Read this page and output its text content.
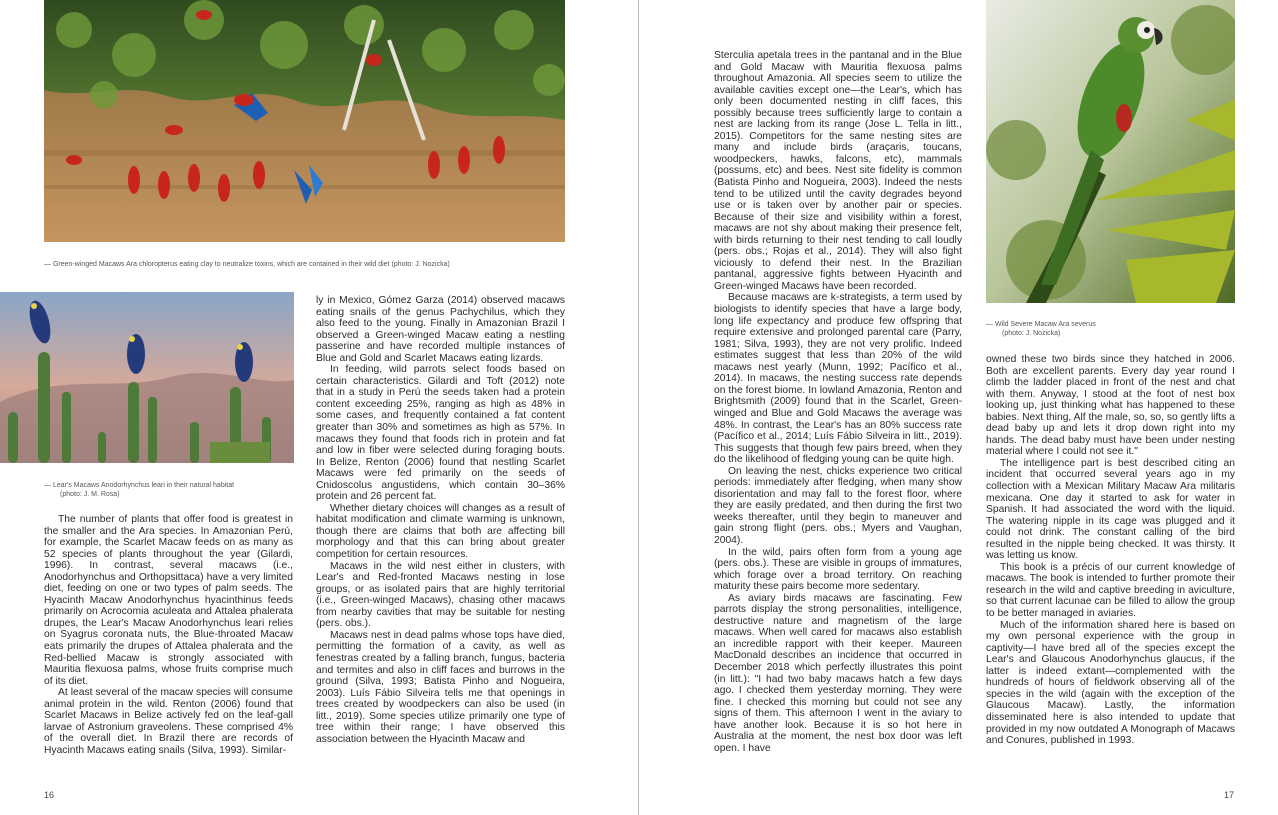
— Green-winged Macaws Ara chloropterus eating clay to neutralize toxins, which are contained in their wild diet (photo: J. Nozicka)
— Lear's Macaws Anodorhynchus leari in their natural habitat
(photo: J. M. Rosa)

The number of plants that offer food is greatest in the smaller and the Ara species. In Amazonian Perú, for example, the Scarlet Macaw feeds on as many as 52 species of plants throughout the year (Gilardi, 1996). In contrast, several macaws (i.e., Anodorhynchus and Orthopsittaca) have a very limited diet, feeding on one or two types of palm seeds. The Hyacinth Macaw Anodorhynchus hyacinthinus feeds primarily on Acrocomia aculeata and Attalea phalerata drupes, the Lear's Macaw Anodorhynchus leari relies on Syagrus coronata nuts, the Blue-throated Macaw eats primarily the drupes of Attalea phalerata and the Red-bellied Macaw is strongly associated with Mauritia flexuosa palms, whose fruits comprise much of its diet.

At least several of the macaw species will consume animal protein in the wild. Renton (2006) found that Scarlet Macaws in Belize actively fed on the leaf-gall larvae of Astronium graveolens. These comprised 4% of the overall diet. In Brazil there are records of Hyacinth Macaws eating snails (Silva, 1993). Similar-

ly in Mexico, Gómez Garza (2014) observed macaws eating snails of the genus Pachychilus, which they also feed to the young. Finally in Amazonian Brazil I observed a Green-winged Macaw eating a nestling passerine and have recorded multiple instances of Blue and Gold and Scarlet Macaws eating lizards.

In feeding, wild parrots select foods based on certain characteristics. Gilardi and Toft (2012) note that in a study in Perú the seeds taken had a protein content exceeding 25%, ranging as high as 48% in some cases, and frequently contained a fat content greater than 30% and sometimes as high as 57%. In macaws they found that foods rich in protein and fat and low in fiber were selected during foraging bouts. In Belize, Renton (2006) found that nestling Scarlet Macaws were fed primarily on the seeds of Cnidoscolus angustidens, which contain 30–36% protein and 26 percent fat.

Whether dietary choices will changes as a result of habitat modification and climate warming is unknown, though there are claims that both are affecting bill morphology and that this can bring about greater competition for certain resources.

Macaws in the wild nest either in clusters, with Lear's and Red-fronted Macaws nesting in lose groups, or as isolated pairs that are highly territorial (i.e., Green-winged Macaws), chasing other macaws from nearby cavities that may be suitable for nesting (pers. obs.).

Macaws nest in dead palms whose tops have died, permitting the formation of a cavity, as well as fenestras created by a falling branch, fungus, bacteria and termites and also in cliff faces and burrows in the ground (Silva, 1993; Batista Pinho and Nogueira, 2003). Luís Fábio Silveira tells me that openings in trees created by woodpeckers can also be used (in litt., 2019). Some species utilize primarily one type of tree within their range; I have observed this association between the Hyacinth Macaw and

16

Sterculia apetala trees in the pantanal and in the Blue and Gold Macaw with Mauritia flexuosa palms throughout Amazonia. All species seem to utilize the available cavities except one—the Lear's, which has only been documented nesting in cliff faces, this possibly because trees sufficiently large to contain a nest are lacking from its range (Jose L. Tella in litt., 2015). Competitors for the same nesting sites are many and include birds (araçaris, toucans, woodpeckers, hawks, falcons, etc), mammals (possums, etc) and bees. Nest site fidelity is common (Batista Pinho and Nogueira, 2003). Indeed the nests tend to be utilized until the cavity degrades beyond use or is taken over by another pair or species. Because of their size and visibility within a forest, macaws are not shy about making their presence felt, with birds returning to their nest tending to call loudly (pers. obs.; Rojas et al., 2014). They will also fight viciously to defend their nest. In the Brazilian pantanal, aggressive fights between Hyacinth and Green-winged Macaws have been recorded.

Because macaws are k-strategists, a term used by biologists to identify species that have a large body, long life expectancy and produce few offspring that require extensive and prolonged parental care (Parry, 1981; Silva, 1993), they are not very prolific. Indeed estimates suggest that less than 20% of the wild macaws nest yearly (Munn, 1992; Pacífico et al., 2014). In macaws, the nesting success rate depends on the forest biome. In lowland Amazonia, Renton and Brightsmith (2009) found that in the Scarlet, Green-winged and Blue and Gold Macaws the average was 48%. In contrast, the Lear's has an 80% success rate (Pacífico et al., 2014; Luís Fábio Silveira in litt., 2019). This suggests that though few pairs breed, when they do the likelihood of fledging young can be quite high.

On leaving the nest, chicks experience two critical periods: immediately after fledging, when many show disorientation and may fall to the forest floor, where they are easily predated, and then during the first two weeks thereafter, until they begin to maneuver and gain strong flight (pers. obs.; Myers and Vaughan, 2004).

In the wild, pairs often form from a young age (pers. obs.). These are visible in groups of immatures, which forage over a broad territory. On reaching maturity these pairs become more sedentary.

As aviary birds macaws are fascinating. Few parrots display the strong personalities, intelligence, destructive nature and magnetism of the large macaws. When well cared for macaws also establish an incredible rapport with their keeper. Maureen MacDonald describes an incidence that occurred in December 2018 which perfectly illustrates this point (in litt.): "I had two baby macaws hatch a few days ago. I checked them yesterday morning. They were fine. I checked this morning but could not see any signs of them. This afternoon I went in the aviary to have another look. Because it is so hot here in Australia at the moment, the nest box door was left open. I have

— Wild Severe Macaw Ara severus
(photo: J. Nozicka)

owned these two birds since they hatched in 2006. Both are excellent parents. Every day year round I climb the ladder placed in front of the nest and chat with them. Anyway, I stood at the foot of nest box looking up, just thinking what has happened to these babies. Next thing, Alf the male, so, so, so gently lifts a dead baby up and lets it drop down right into my hands. The dead baby must have been under nesting material where I could not see it."

The intelligence part is best described citing an incident that occurred several years ago in my collection with a Mexican Military Macaw Ara militaris mexicana. One day it started to ask for water in Spanish. It had associated the word with the liquid. The watering nipple in its cage was plugged and it could not drink. The constant calling of the bird resulted in the nipple being checked. It was thirsty. It was letting us know.

This book is a précis of our current knowledge of macaws. The book is intended to further promote their research in the wild and captive breeding in aviculture, so that current lacunae can be filled to allow the group to be better managed in aviaries.

Much of the information shared here is based on my own personal experience with the group in captivity—I have bred all of the species except the Lear's and Glaucous Anodorhynchus glaucus, if the latter is indeed extant—complemented with the hundreds of hours of fieldwork observing all of the species in the wild (again with the exception of the Glaucous Macaw). Lastly, the information disseminated here is also intended to update that provided in my now outdated A Monograph of Macaws and Conures, published in 1993.

17
